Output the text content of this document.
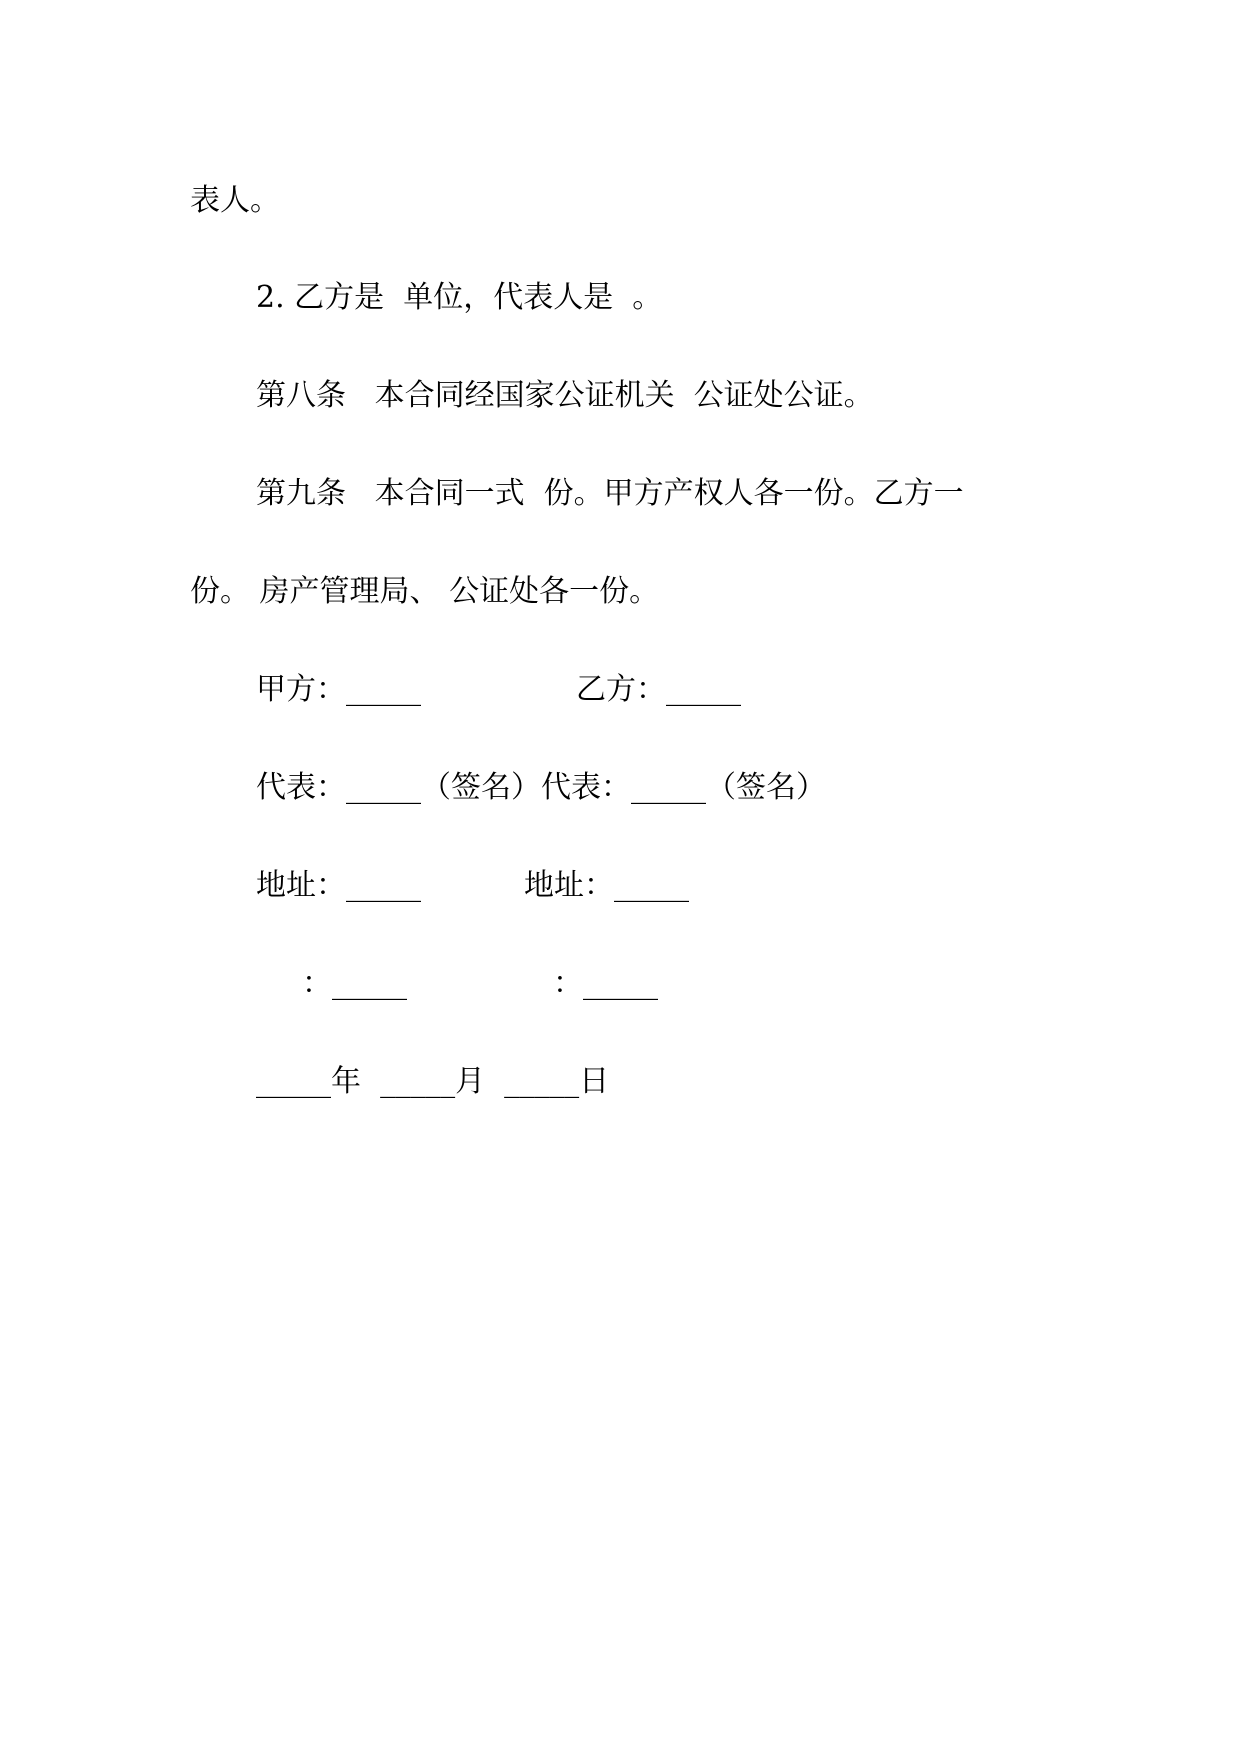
表人。
2. 乙方是  单位，代表人是  。
第八条   本合同经国家公证机关  公证处公证。
第九条   本合同一式  份。甲方产权人各一份。乙方一
份。 房产管理局、 公证处各一份。
甲方：_____	乙方：_____
代表：_____（签名）代表：_____（签名）
地址：_____	地址：_____
：_____	：_____
_____年  _____月  _____日
